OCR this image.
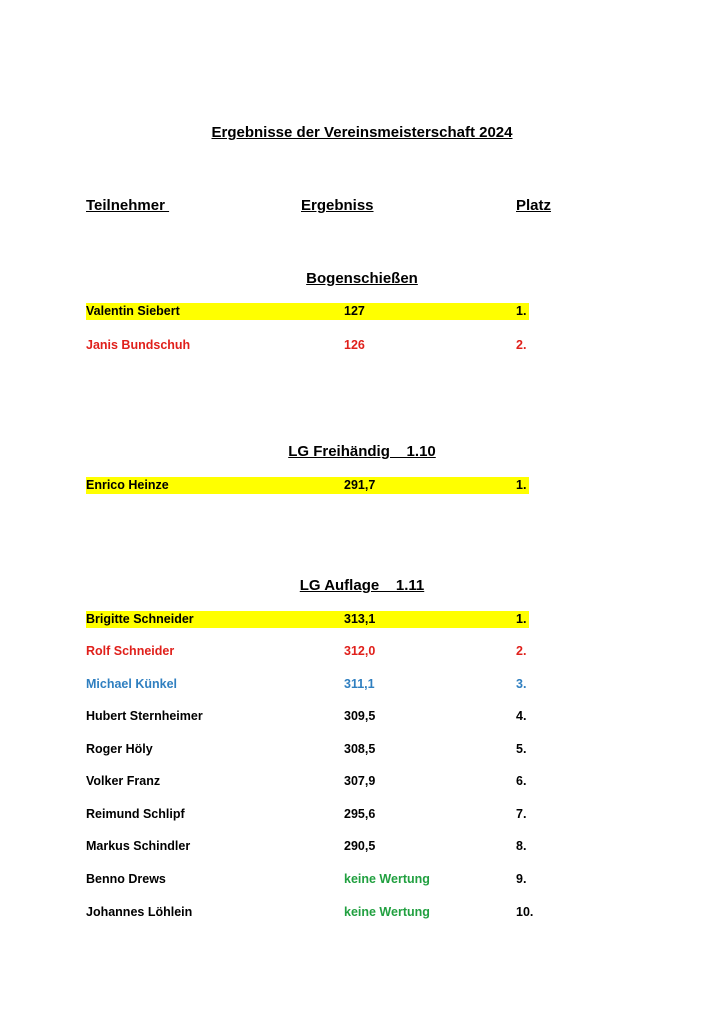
Ergebnisse der Vereinsmeisterschaft 2024
Teilnehmer	Ergebniss	Platz
Bogenschießen
Valentin Siebert	127	1.
Janis Bundschuh	126	2.
LG Freihändig    1.10
Enrico Heinze	291,7	1.
LG Auflage    1.11
Brigitte Schneider	313,1	1.
Rolf Schneider	312,0	2.
Michael Künkel	311,1	3.
Hubert Sternheimer	309,5	4.
Roger Höly	308,5	5.
Volker Franz	307,9	6.
Reimund Schlipf	295,6	7.
Markus Schindler	290,5	8.
Benno Drews	keine Wertung	9.
Johannes Löhlein	keine Wertung	10.
